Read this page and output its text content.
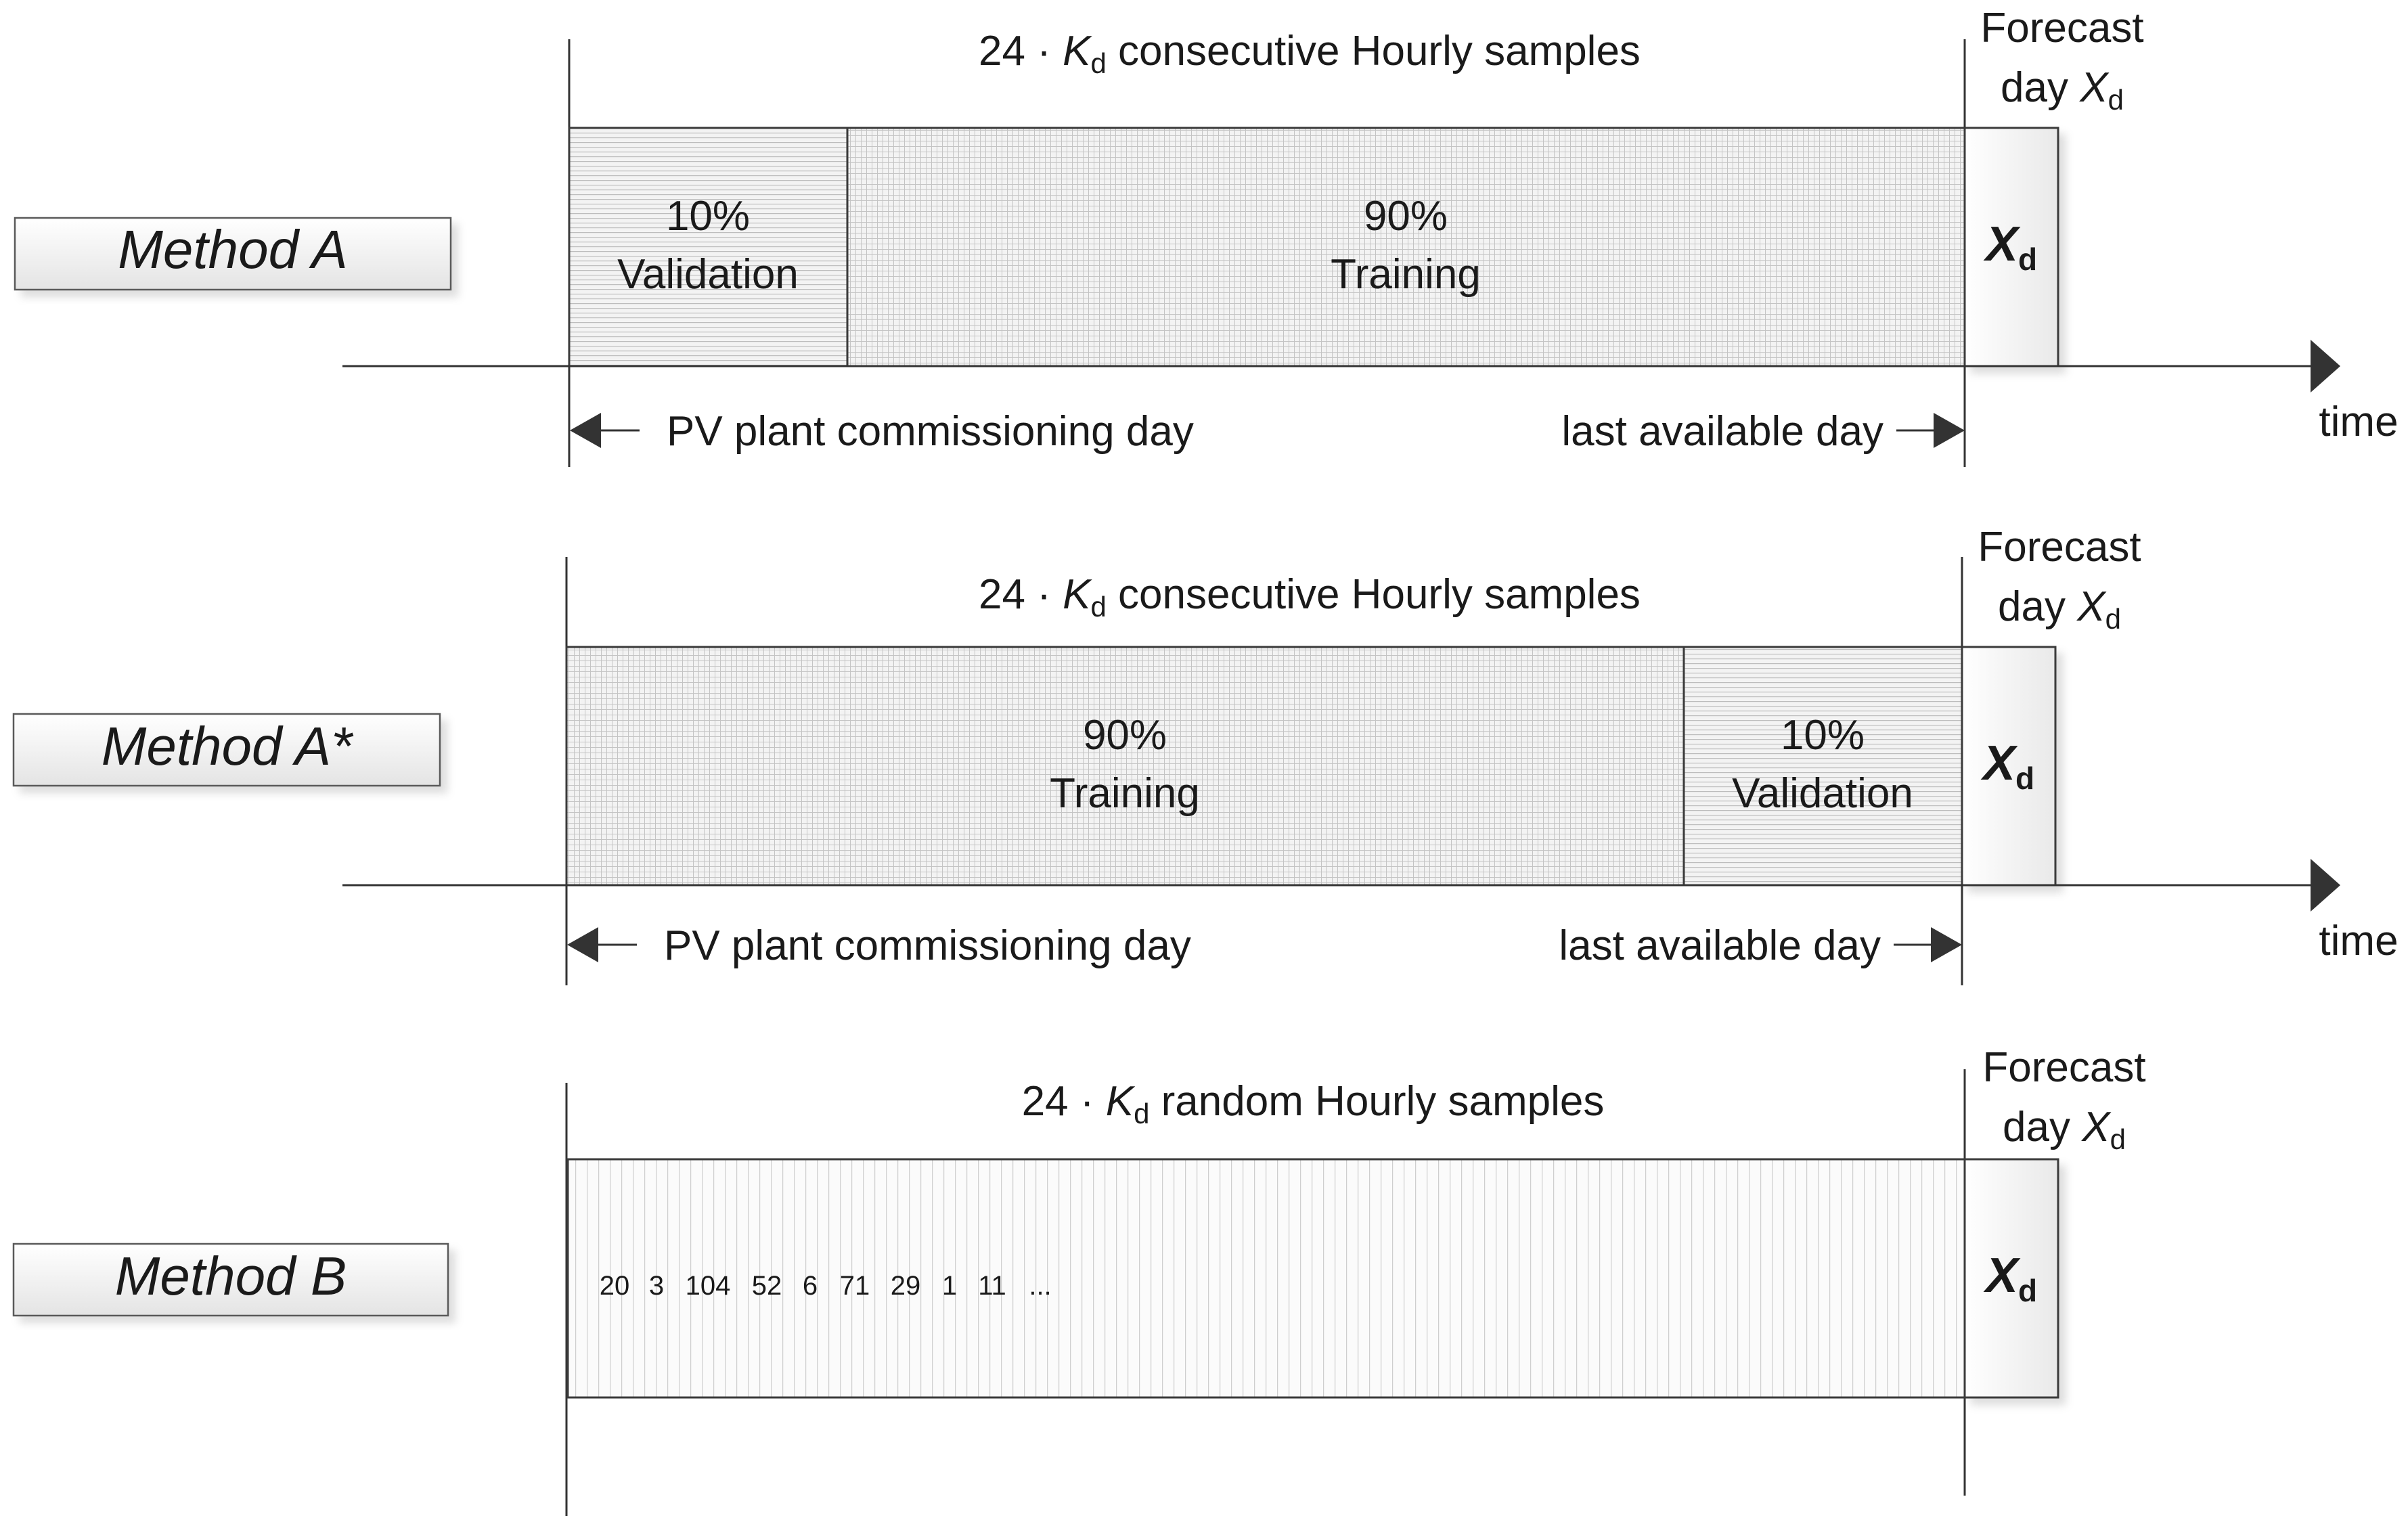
Method A
24 · Kd consecutive Hourly samples	Forecast
day Xd
10%
Validation
90%
Training
Xd
time
PV plant commissioning day	last available day
Method A*
24 · Kd consecutive Hourly samples
Forecast
day Xd
90%
Training
10%
Validation
Xd
time
PV plant commissioning day	last available day
Method B
24 · Kd random Hourly samples
Forecast
day Xd
20 3 104 52 6 71 29 1 11 ...	Xd
